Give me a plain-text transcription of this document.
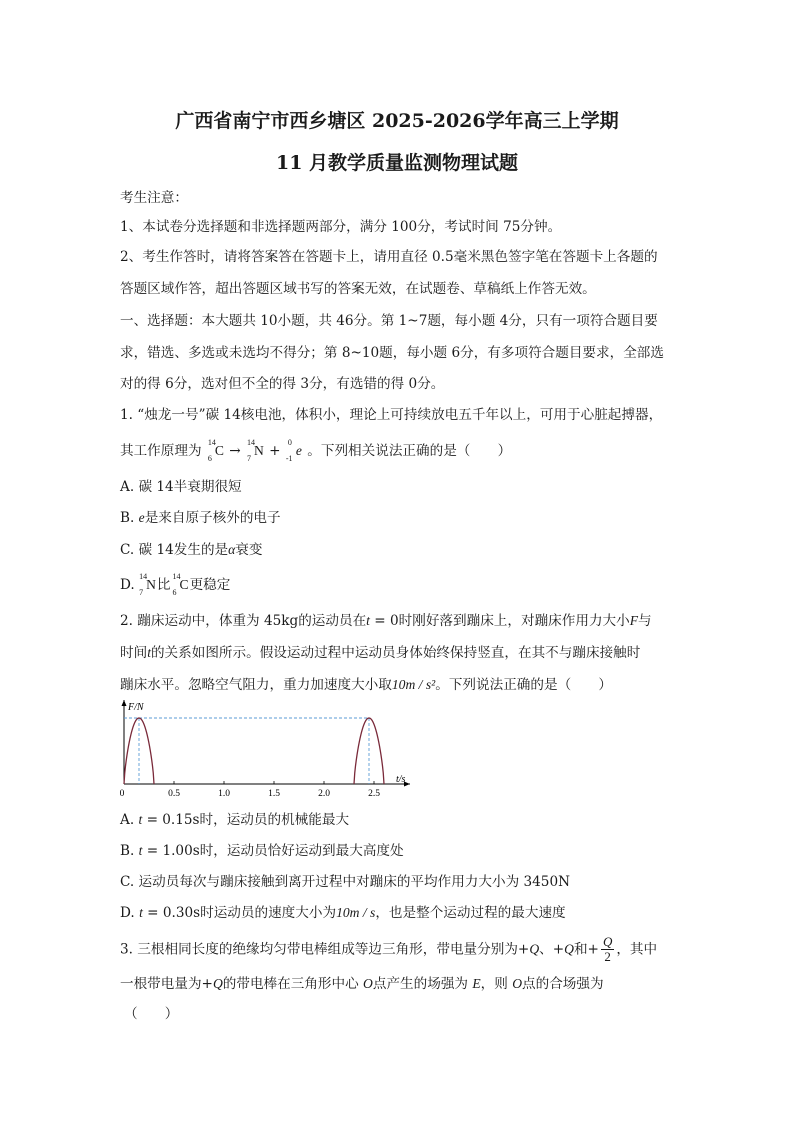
广西省南宁市西乡塘区 2025-2026学年高三上学期
11 月教学质量监测物理试题
考生注意：
1、本试卷分选择题和非选择题两部分，满分 100分，考试时间 75分钟。
2、考生作答时，请将答案答在答题卡上，请用直径 0.5毫米黑色签字笔在答题卡上各题的
答题区域作答，超出答题区域书写的答案无效，在试题卷、草稿纸上作答无效。
一、选择题：本大题共 10小题，共 46分。第 1~7题，每小题 4分，只有一项符合题目要
求，错选、多选或未选均不得分；第 8~10题，每小题 6分，有多项符合题目要求，全部选
对的得 6分，选对但不全的得 3分，有选错的得 0分。
1. “烛龙一号”碳 14核电池，体积小，理论上可持续放电五千年以上，可用于心脏起搏器，
其工作原理为
14
6
C →
14
7
N +
0
-1
e 。下列相关说法正确的是（　　）
A. 碳 14半衰期很短
B. e是来自原子核外的电子
C. 碳 14发生的是α衰变
D.
14
7
N比
14
6
C更稳定
2. 蹦床运动中，体重为 45kg的运动员在t = 0时刚好落到蹦床上，对蹦床作用力大小F与
时间t的关系如图所示。假设运动过程中运动员身体始终保持竖直，在其不与蹦床接触时
蹦床水平。忽略空气阻力，重力加速度大小取10m / s²。下列说法正确的是（　　）
0	0.5	1.0	1.5	2.0	2.5
F/N
t/s
A. t = 0.15s时，运动员的机械能最大
B. t = 1.00s时，运动员恰好运动到最大高度处
C. 运动员每次与蹦床接触到离开过程中对蹦床的平均作用力大小为 3450N
D. t = 0.30s时运动员的速度大小为10m / s，也是整个运动过程的最大速度
3. 三根相同长度的绝缘均匀带电棒组成等边三角形，带电量分别为+Q、+Q和+ $\frac{Q}{2}$ ，其中
一根带电量为+Q的带电棒在三角形中心 O点产生的场强为 E，则 O点的合场强为
（　　）
